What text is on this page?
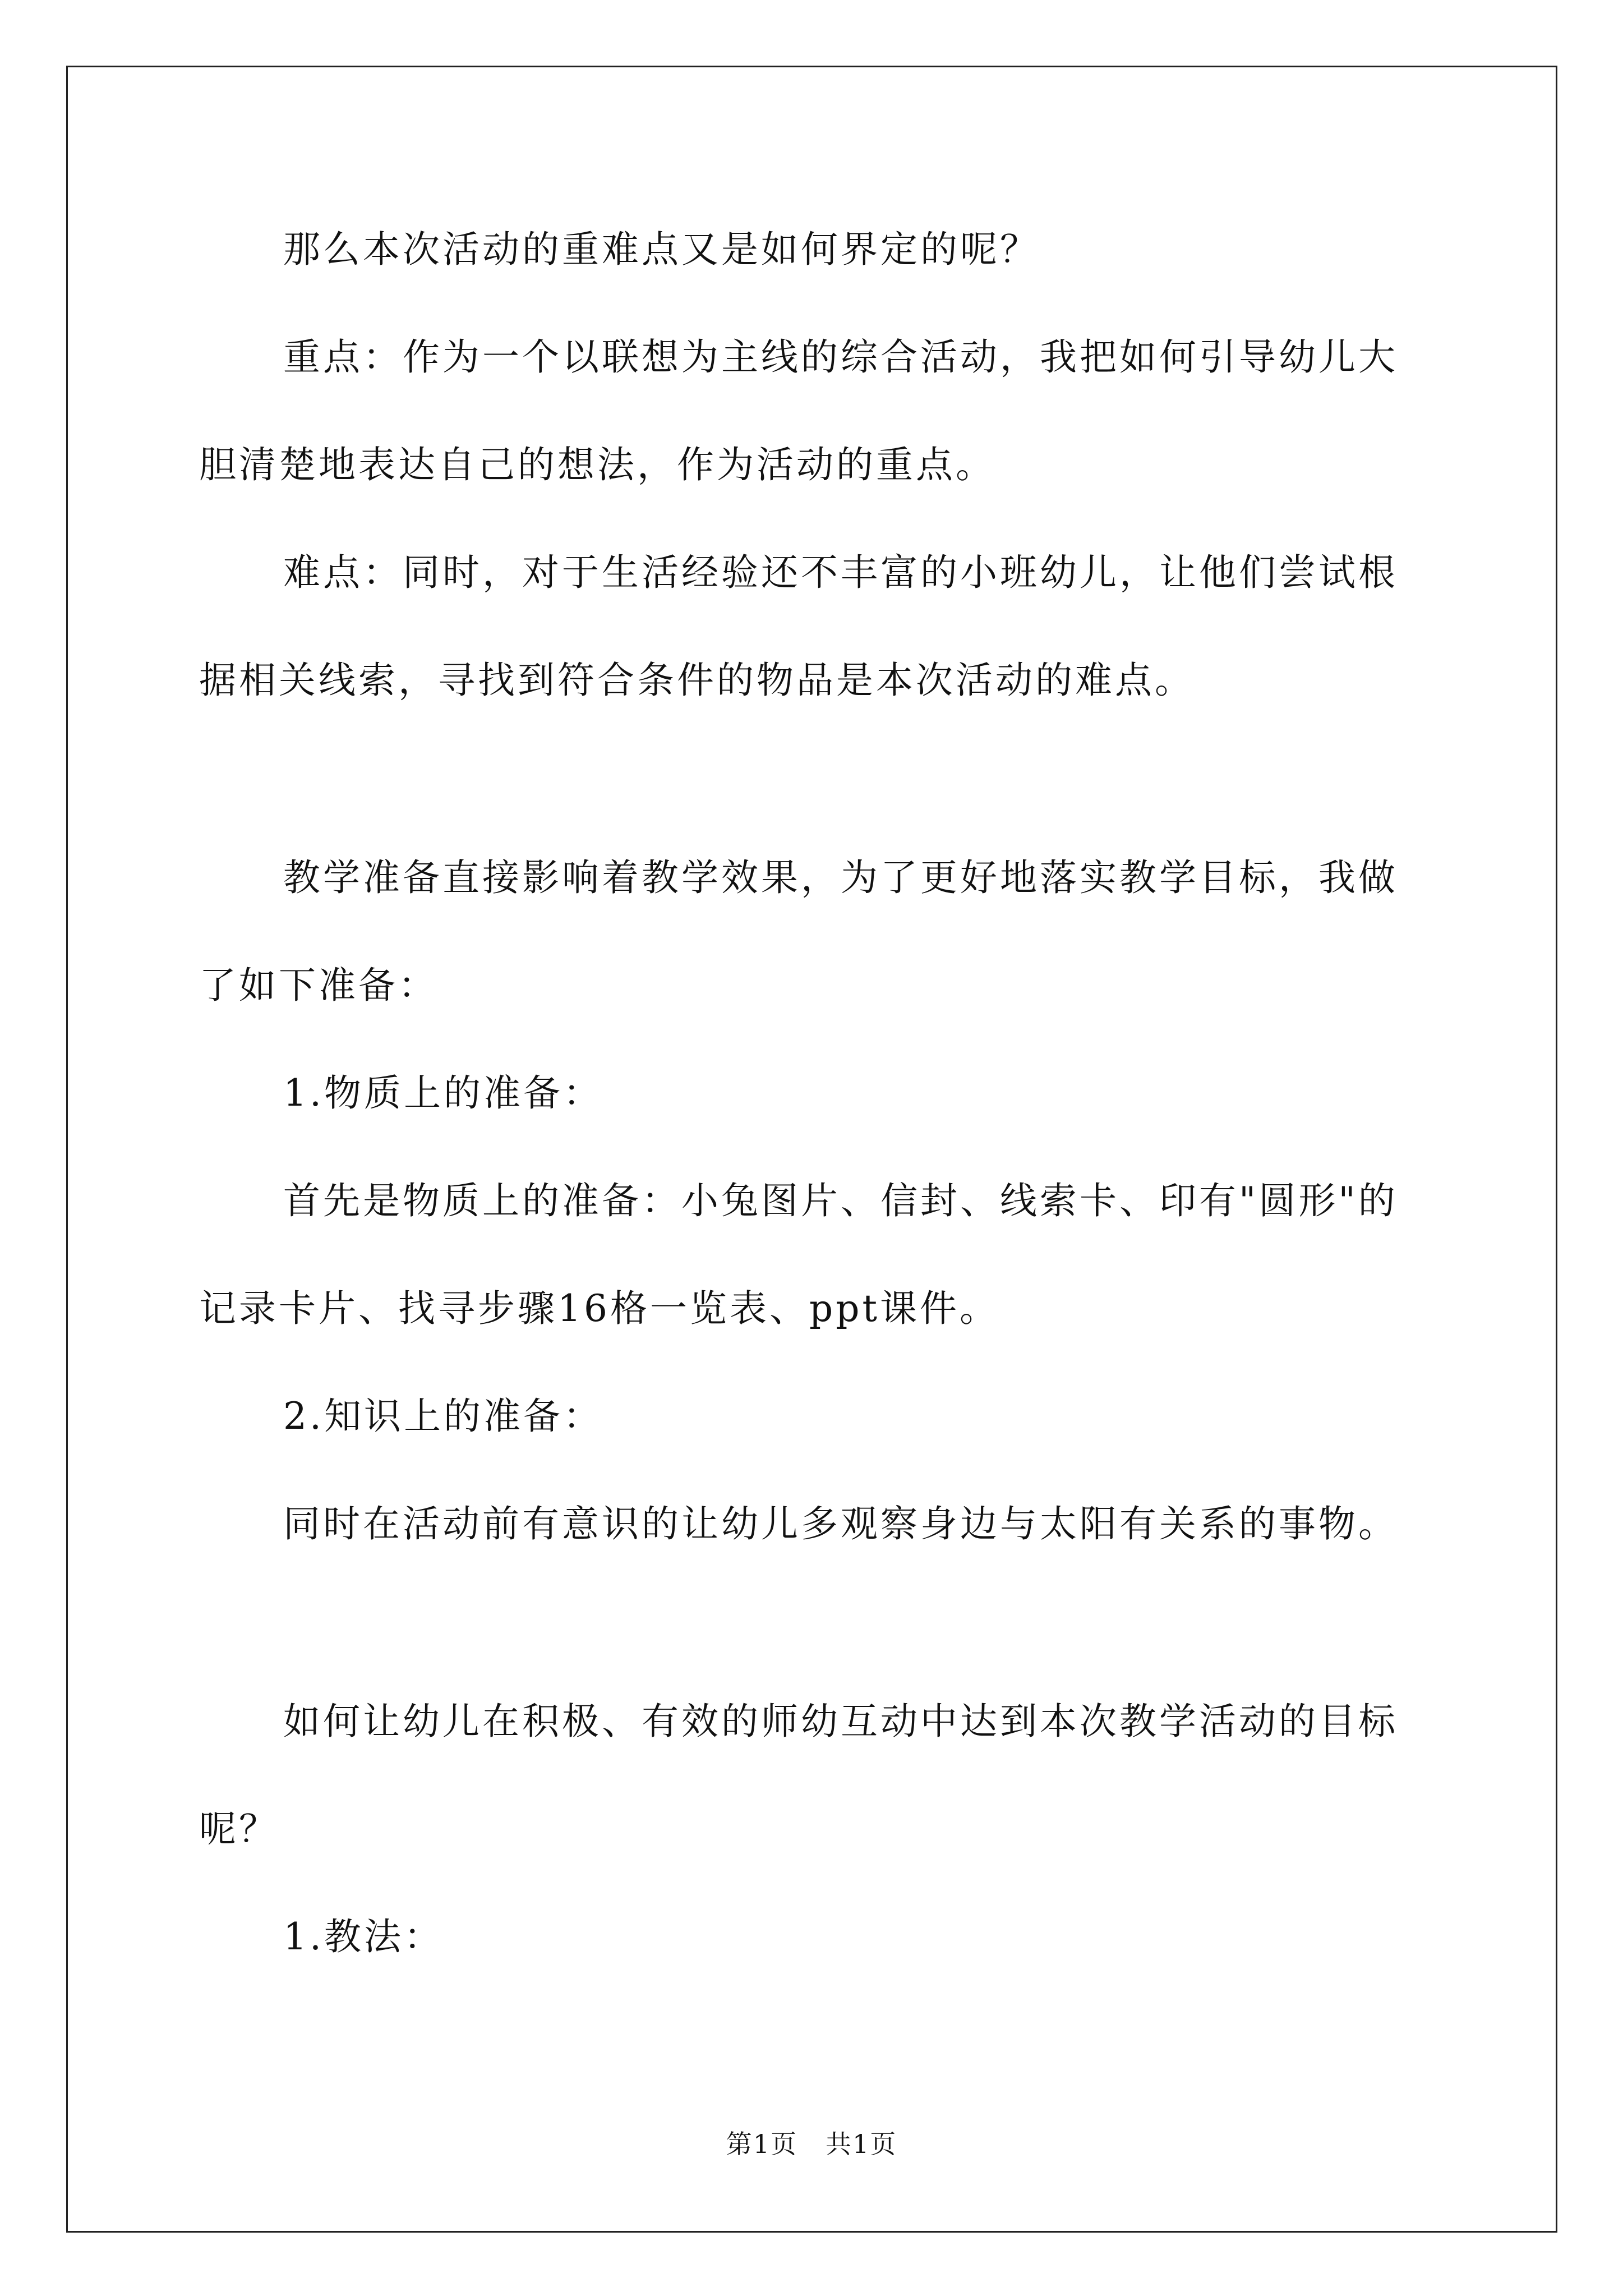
那么本次活动的重难点又是如何界定的呢？

重点：作为一个以联想为主线的综合活动，我把如何引导幼儿大胆清楚地表达自己的想法，作为活动的重点。

难点：同时，对于生活经验还不丰富的小班幼儿，让他们尝试根据相关线索，寻找到符合条件的物品是本次活动的难点。

教学准备直接影响着教学效果，为了更好地落实教学目标，我做了如下准备：

1.物质上的准备：

首先是物质上的准备：小兔图片、信封、线索卡、印有"圆形"的记录卡片、找寻步骤16格一览表、ppt课件。

2.知识上的准备：

同时在活动前有意识的让幼儿多观察身边与太阳有关系的事物。

如何让幼儿在积极、有效的师幼互动中达到本次教学活动的目标呢？

1.教法：

第1页 共1页
